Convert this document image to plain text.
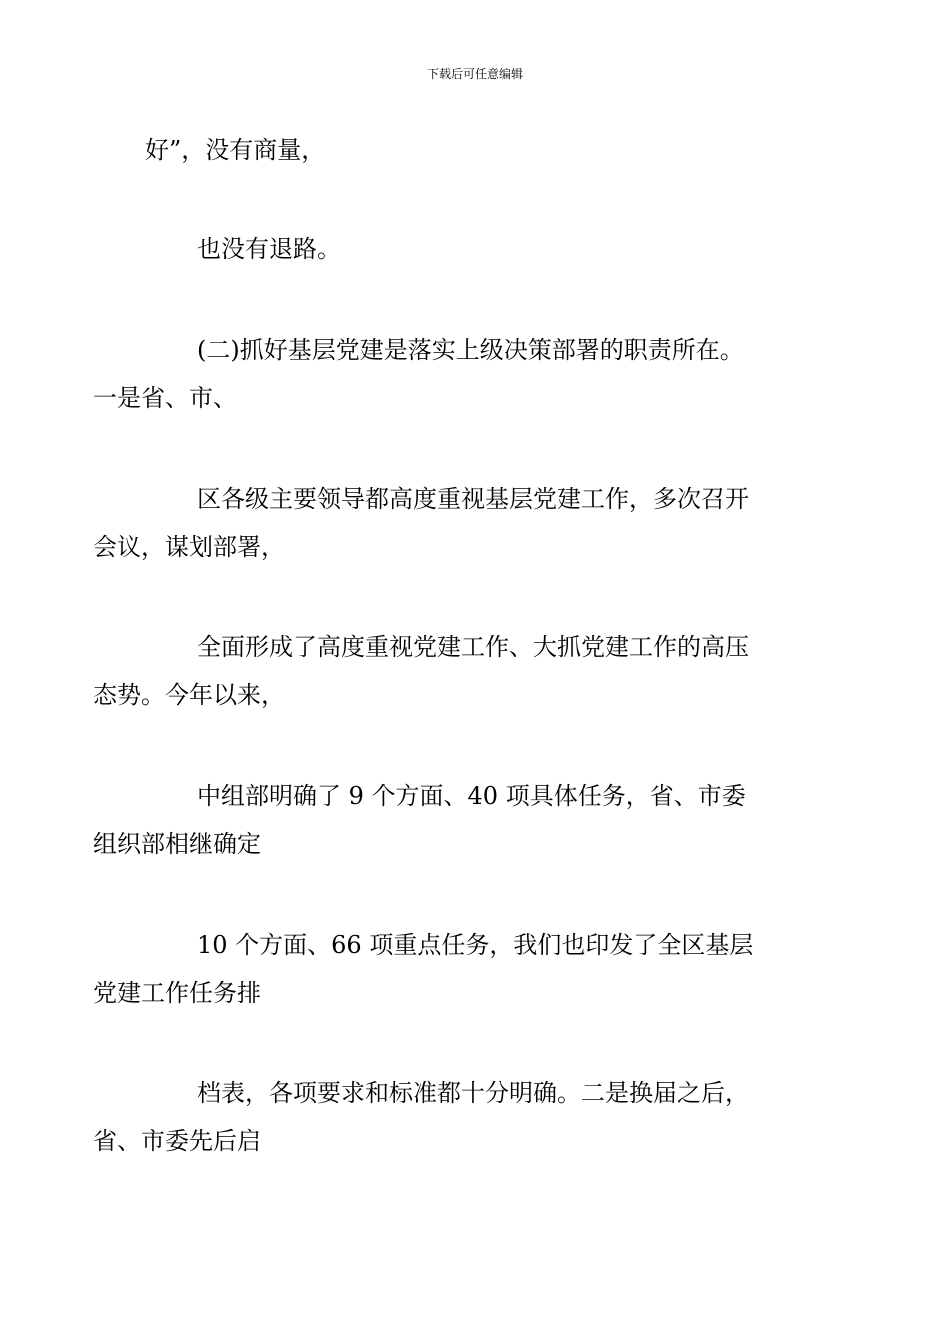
下载后可任意编辑

好”，没有商量，

也没有退路。

(二)抓好基层党建是落实上级决策部署的职责所在。
一是省、市、

区各级主要领导都高度重视基层党建工作，多次召开
会议，谋划部署，

全面形成了高度重视党建工作、大抓党建工作的高压
态势。今年以来，

中组部明确了 9 个方面、40 项具体任务，省、市委
组织部相继确定

10 个方面、66 项重点任务，我们也印发了全区基层
党建工作任务排

档表，各项要求和标准都十分明确。二是换届之后，
省、市委先后启
